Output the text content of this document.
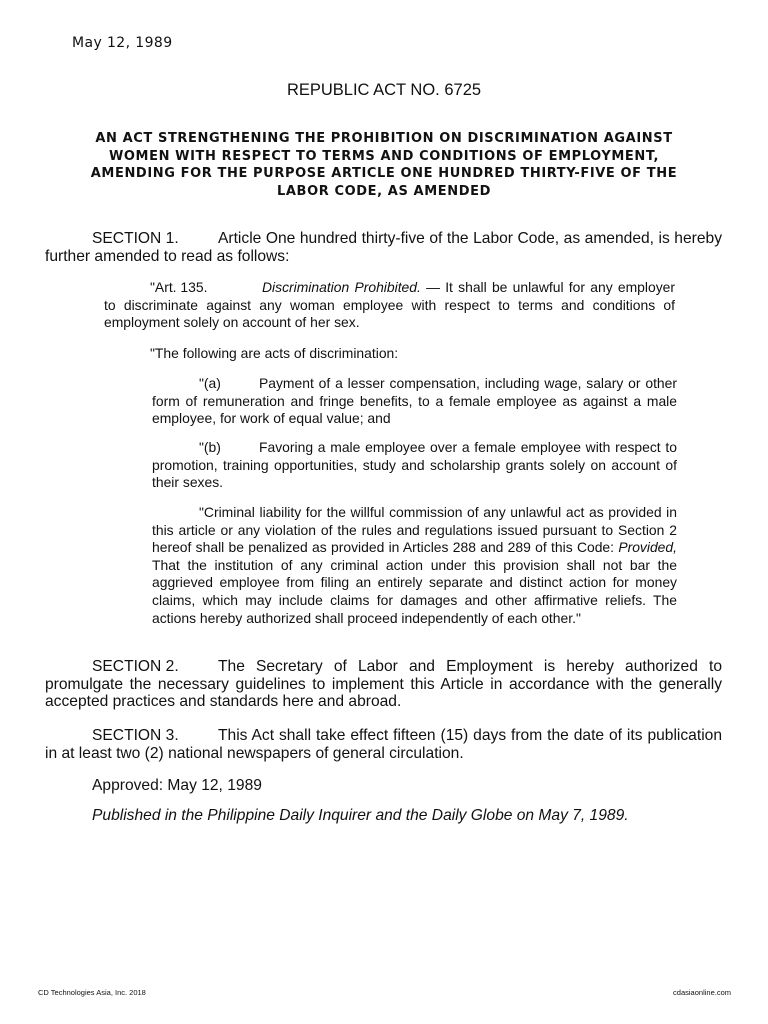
May 12, 1989
REPUBLIC ACT NO. 6725
AN ACT STRENGTHENING THE PROHIBITION ON DISCRIMINATION AGAINST WOMEN WITH RESPECT TO TERMS AND CONDITIONS OF EMPLOYMENT, AMENDING FOR THE PURPOSE ARTICLE ONE HUNDRED THIRTY-FIVE OF THE LABOR CODE, AS AMENDED
SECTION 1.	Article One hundred thirty-five of the Labor Code, as amended, is hereby further amended to read as follows:
"Art. 135.	Discrimination Prohibited. — It shall be unlawful for any employer to discriminate against any woman employee with respect to terms and conditions of employment solely on account of her sex.
"The following are acts of discrimination:
"(a)	Payment of a lesser compensation, including wage, salary or other form of remuneration and fringe benefits, to a female employee as against a male employee, for work of equal value; and
"(b)	Favoring a male employee over a female employee with respect to promotion, training opportunities, study and scholarship grants solely on account of their sexes.
"Criminal liability for the willful commission of any unlawful act as provided in this article or any violation of the rules and regulations issued pursuant to Section 2 hereof shall be penalized as provided in Articles 288 and 289 of this Code: Provided, That the institution of any criminal action under this provision shall not bar the aggrieved employee from filing an entirely separate and distinct action for money claims, which may include claims for damages and other affirmative reliefs. The actions hereby authorized shall proceed independently of each other."
SECTION 2.	The Secretary of Labor and Employment is hereby authorized to promulgate the necessary guidelines to implement this Article in accordance with the generally accepted practices and standards here and abroad.
SECTION 3.	This Act shall take effect fifteen (15) days from the date of its publication in at least two (2) national newspapers of general circulation.
Approved: May 12, 1989
Published in the Philippine Daily Inquirer and the Daily Globe on May 7, 1989.
CD Technologies Asia, Inc. 2018	cdasiaonline.com
